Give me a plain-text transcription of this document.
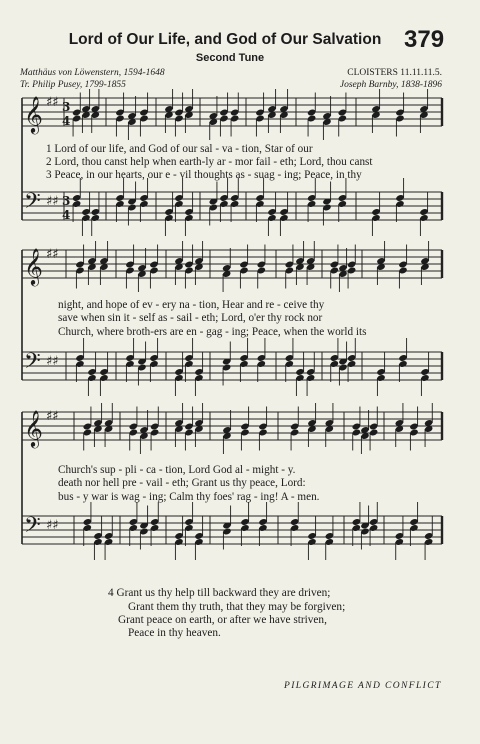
Lord of Our Life, and God of Our Salvation 379
Second Tune
Matthäus von Löwenstern, 1594-1648
Tr. Philip Pusey, 1799-1855
CLOISTERS 11.11.11.5.
Joseph Barnby, 1838-1896
𝄞 ♯♯ 3
4
𝄢 ♯♯ 3
4
𝄞 ♯♯
𝄢 ♯♯
𝄞 ♯♯
𝄢 ♯♯
1 Lord of our life, and God of our sal - va - tion, Star of our
2 Lord, thou canst help when earth-ly ar - mor fail - eth; Lord, thou canst
3 Peace, in our hearts, our e - vil thoughts as - suag - ing; Peace, in thy
night, and hope of ev - ery na - tion, Hear and re - ceive thy
save when sin it - self as - sail - eth; Lord, o'er thy rock nor
Church, where broth-ers are en - gag - ing; Peace, when the world its
Church's sup - pli - ca - tion, Lord God al - might - y.
death nor hell pre - vail - eth; Grant us thy peace, Lord:
bus - y war is wag - ing; Calm thy foes' rag - ing! A - men.
4 Grant us thy help till backward they are driven;
Grant them thy truth, that they may be forgiven;
Grant peace on earth, or after we have striven,
Peace in thy heaven.
PILGRIMAGE AND CONFLICT
